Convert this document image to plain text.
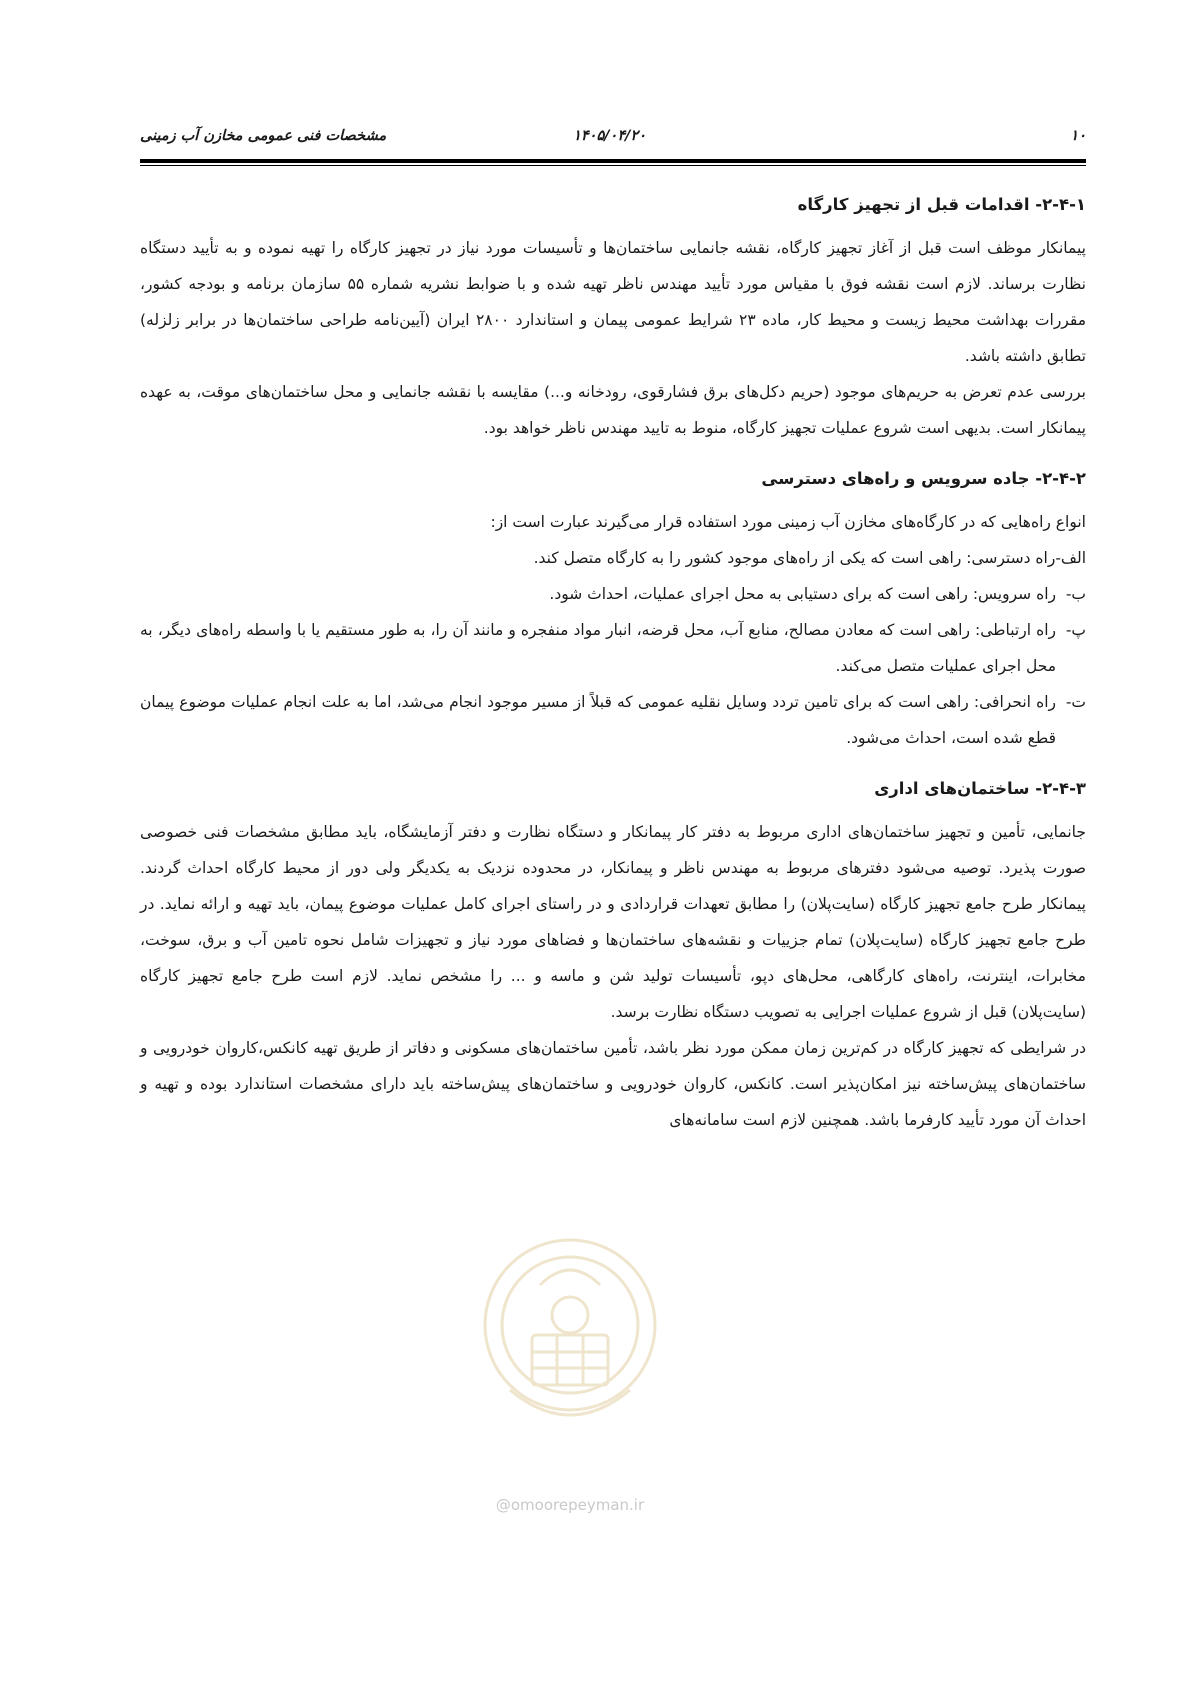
۱۰
۱۴۰۵/۰۴/۲۰
مشخصات فنی عمومی مخازن آب زمینی
@omoorepeyman.ir
۲-۴-۱- اقدامات قبل از تجهیز کارگاه

پیمانکار موظف است قبل از آغاز تجهیز کارگاه، نقشه جانمایی ساختمان‌ها و تأسیسات مورد نیاز در تجهیز کارگاه را تهیه نموده و به تأیید دستگاه نظارت برساند. لازم است نقشه فوق با مقیاس مورد تأیید مهندس ناظر تهیه شده و با ضوابط نشریه شماره ۵۵ سازمان برنامه و بودجه کشور، مقررات بهداشت محیط زیست و محیط کار، ماده ۲۳ شرایط عمومی پیمان و استاندارد ۲۸۰۰ ایران (آیین‌نامه طراحی ساختمان‌ها در برابر زلزله) تطابق داشته باشد.

بررسی عدم تعرض به حریم‌های موجود (حریم دکل‌های برق فشارقوی، رودخانه و...) مقایسه با نقشه جانمایی و محل ساختمان‌های موقت، به عهده پیمانکار است. بدیهی است شروع عملیات تجهیز کارگاه، منوط به تایید مهندس ناظر خواهد بود.

۲-۴-۲- جاده سرویس و راه‌های دسترسی

انواع راه‌هایی که در کارگاه‌های مخازن آب زمینی مورد استفاده قرار می‌گیرند عبارت است از:

الف-
راه دسترسی: راهی است که یکی از راه‌های موجود کشور را به کارگاه متصل کند.
ب-
راه سرویس: راهی است که برای دستیابی به محل اجرای عملیات، احداث شود.
پ-
راه ارتباطی: راهی است که معادن مصالح، منابع آب، محل قرضه، انبار مواد منفجره و مانند آن را، به طور مستقیم یا با واسطه راه‌های دیگر، به محل اجرای عملیات متصل می‌کند.
ت-
راه انحرافی: راهی است که برای تامین تردد وسایل نقلیه عمومی که قبلاً از مسیر موجود انجام می‌شد، اما به علت انجام عملیات موضوع پیمان قطع شده است، احداث می‌شود.
۲-۴-۳- ساختمان‌های اداری

جانمایی، تأمین و تجهیز ساختمان‌های اداری مربوط به دفتر کار پیمانکار و دستگاه نظارت و دفتر آزمایشگاه، باید مطابق مشخصات فنی خصوصی صورت پذیرد. توصیه می‌شود دفترهای مربوط به مهندس ناظر و پیمانکار، در محدوده نزدیک به یکدیگر ولی دور از محیط کارگاه احداث گردند. پیمانکار طرح جامع تجهیز کارگاه (سایت‌پلان) را مطابق تعهدات قراردادی و در راستای اجرای کامل عملیات موضوع پیمان، باید تهیه و ارائه نماید. در طرح جامع تجهیز کارگاه (سایت‌پلان) تمام جزییات و نقشه‌های ساختمان‌ها و فضاهای مورد نیاز و تجهیزات شامل نحوه تامین آب و برق، سوخت، مخابرات، اینترنت، راه‌های کارگاهی، محل‌های دپو، تأسیسات تولید شن و ماسه و ... را مشخص نماید. لازم است طرح جامع تجهیز کارگاه (سایت‌پلان) قبل از شروع عملیات اجرایی به تصویب دستگاه نظارت برسد.

در شرایطی که تجهیز کارگاه در کم‌ترین زمان ممکن مورد نظر باشد، تأمین ساختمان‌های مسکونی و دفاتر از طریق تهیه کانکس،کاروان خودرویی و ساختمان‌های پیش‌ساخته نیز امکان‌پذیر است. کانکس، کاروان خودرویی و ساختمان‌های پیش‌ساخته باید دارای مشخصات استاندارد بوده و تهیه و احداث آن مورد تأیید کارفرما باشد. همچنین لازم است سامانه‌های
